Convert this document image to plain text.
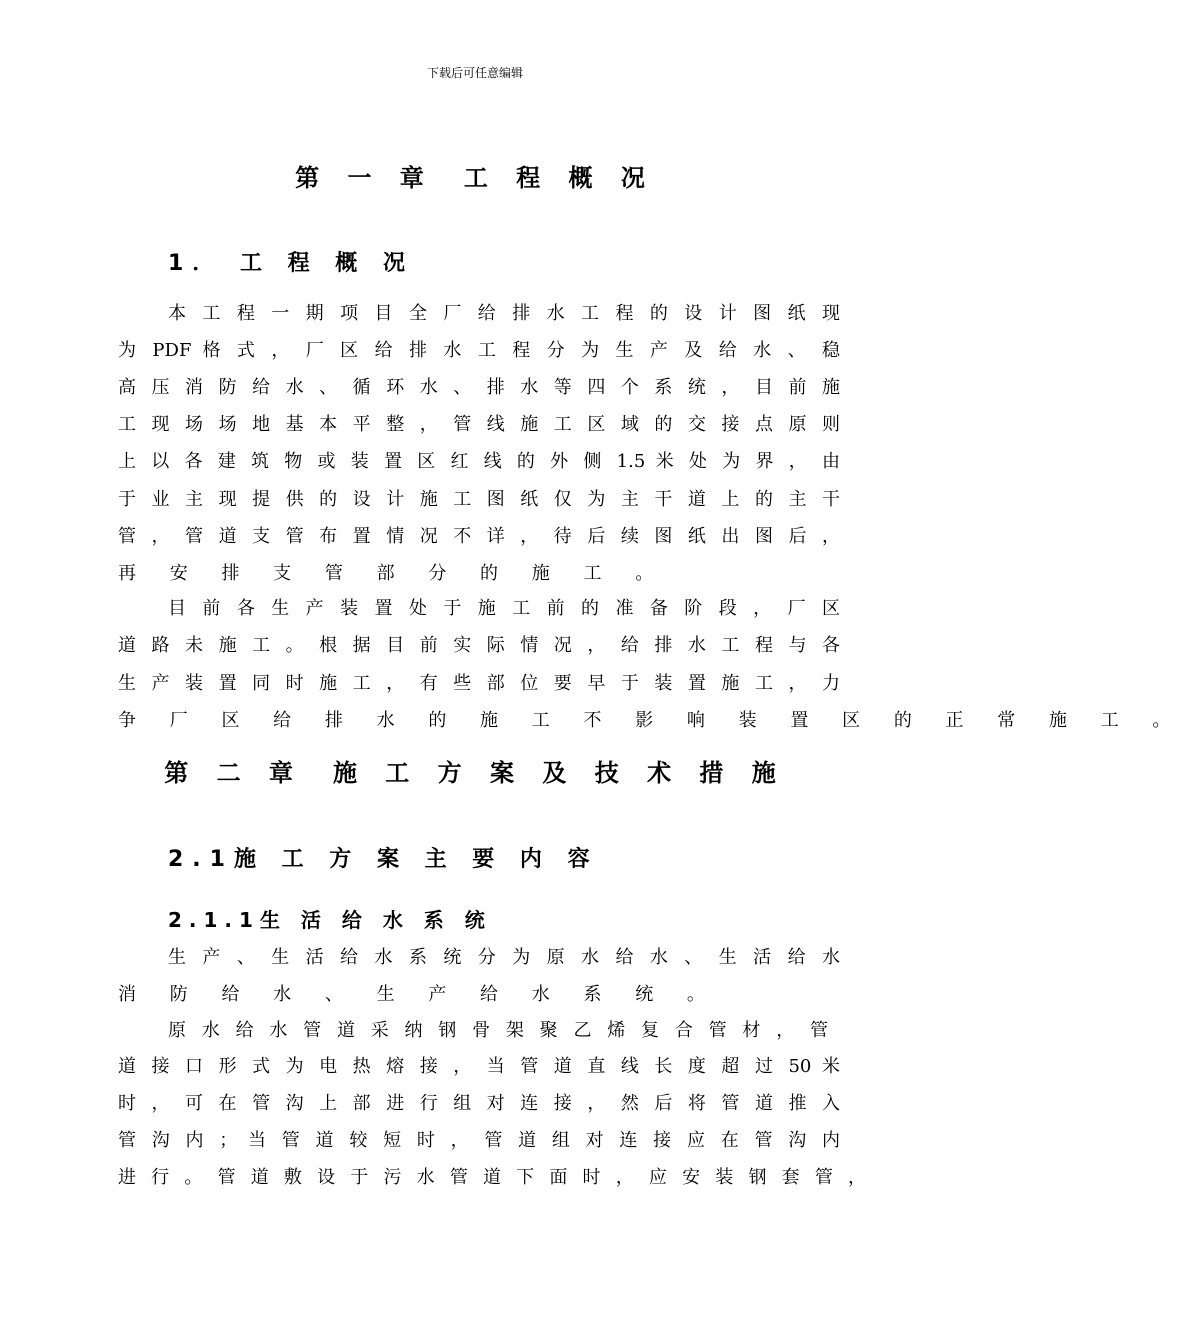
下载后可任意编辑
第 一 章 工 程 概 况
1． 工 程 概 况
本 工 程 一 期 项 目 全 厂 给 排 水 工 程 的 设 计 图 纸 现
为 PDF 格 式 ， 厂 区 给 排 水 工 程 分 为 生 产 及 给 水 、 稳
高 压 消 防 给 水 、 循 环 水 、 排 水 等 四 个 系 统 ， 目 前 施
工 现 场 场 地 基 本 平 整 ， 管 线 施 工 区 域 的 交 接 点 原 则
上 以 各 建 筑 物 或 装 置 区 红 线 的 外 侧 1.5 米 处 为 界 ， 由
于 业 主 现 提 供 的 设 计 施 工 图 纸 仅 为 主 干 道 上 的 主 干
管 ， 管 道 支 管 布 置 情 况 不 详 ， 待 后 续 图 纸 出 图 后 ，
再 安 排 支 管 部 分 的 施 工 。
目 前 各 生 产 装 置 处 于 施 工 前 的 准 备 阶 段 ， 厂 区
道 路 未 施 工 。 根 据 目 前 实 际 情 况 ， 给 排 水 工 程 与 各
生 产 装 置 同 时 施 工 ， 有 些 部 位 要 早 于 装 置 施 工 ， 力
争 厂 区 给 排 水 的 施 工 不 影 响 装 置 区 的 正 常 施 工 。
第 二 章 施 工 方 案 及 技 术 措 施
2.1施 工 方 案 主 要 内 容
2.1.1生 活 给 水 系 统
生 产 、 生 活 给 水 系 统 分 为 原 水 给 水 、 生 活 给 水
消 防 给 水 、 生 产 给 水 系 统 。
原 水 给 水 管 道 采 纳 钢 骨 架 聚 乙 烯 复 合 管 材 ， 管
道 接 口 形 式 为 电 热 熔 接 ， 当 管 道 直 线 长 度 超 过 50 米
时 ， 可 在 管 沟 上 部 进 行 组 对 连 接 ， 然 后 将 管 道 推 入
管 沟 内 ； 当 管 道 较 短 时 ， 管 道 组 对 连 接 应 在 管 沟 内
进 行 。 管 道 敷 设 于 污 水 管 道 下 面 时 ， 应 安 装 钢 套 管 ，
